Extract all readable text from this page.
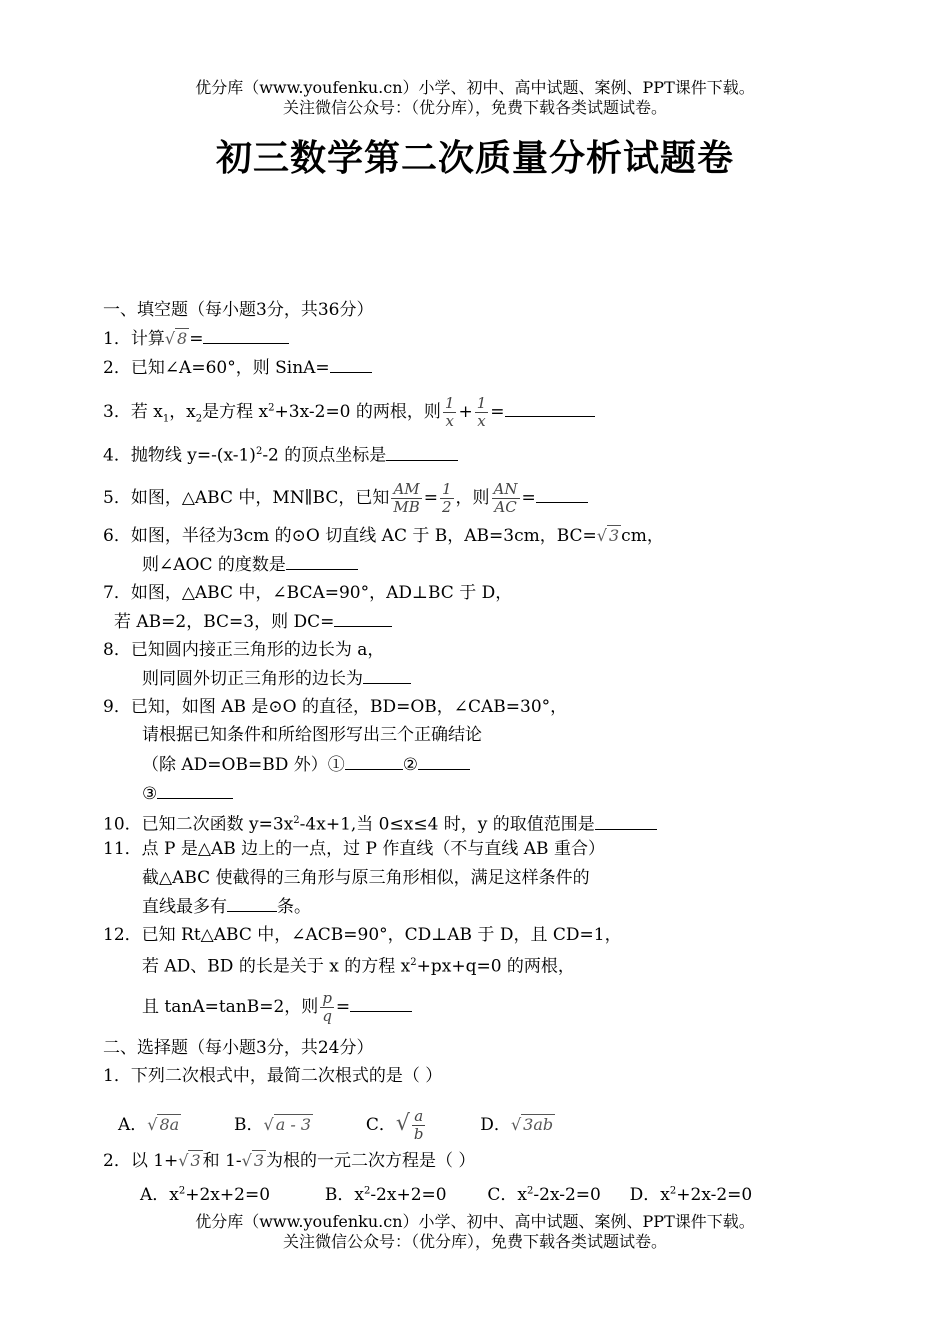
优分库（www.youfenku.cn）小学、初中、高中试题、案例、PPT课件下载。
关注微信公众号：（优分库），免费下载各类试题试卷。
初三数学第二次质量分析试题卷
一、填空题（每小题3分，共36分）
1．计算√ 8 =
2．已知∠A=60°，则 SinA=
3．若 $x_1$，$x_2$是方程 $x^2+3x-2=0$ 的两根，则 $\frac{1}{x} + \frac{1}{x}$ =
4．抛物线 $y=-(x-1)^2-2$ 的顶点坐标是
5．如图，△ABC 中，MN∥BC，已知 $\frac{AM}{MB} = \frac{1}{2}$ ，则 $\frac{AN}{AC}$ =
6．如图，半径为3cm 的⊙O 切直线 AC 于 B，AB=3cm，BC=√ 3 cm，
则∠AOC 的度数是
7．如图，△ABC 中，∠BCA=90°，AD⊥BC 于 D，
若 AB=2，BC=3，则 DC=
8．已知圆内接正三角形的边长为 a，
则同圆外切正三角形的边长为
9．已知，如图 AB 是⊙O 的直径，BD=OB，∠CAB=30°，
请根据已知条件和所给图形写出三个正确结论
（除 AD=OB=BD 外）①	②
③
10．已知二次函数 $y=3x^2-4x+1$,当 0≤x≤4 时，y 的取值范围是
11．点 P 是△AB 边上的一点，过 P 作直线（不与直线 AB 重合）
截△ABC 使截得的三角形与原三角形相似，满足这样条件的
直线最多有	条。
12．已知 Rt△ABC 中，∠ACB=90°，CD⊥AB 于 D，且 CD=1，
若 AD、BD 的长是关于 x 的方程 $x^2+px+q=0$ 的两根，
且 tanA=tanB=2，则 $\frac{p}{q}$ =
二、选择题（每小题3分，共24分）
1．下列二次根式中，最简二次根式的是（ ）
A．√ 8a	B．√ a - 3	C．√ $\frac{a}{b}$	D．√ 3ab
2．以 1+√ 3 和 1-√ 3 为根的一元二次方程是（ ）
A．$x^2+2x+2=0$	B．$x^2-2x+2=0$ C．$x^2-2x-2=0$ D．$x^2+2x-2=0$
优分库（www.youfenku.cn）小学、初中、高中试题、案例、PPT课件下载。
关注微信公众号：（优分库），免费下载各类试题试卷。
